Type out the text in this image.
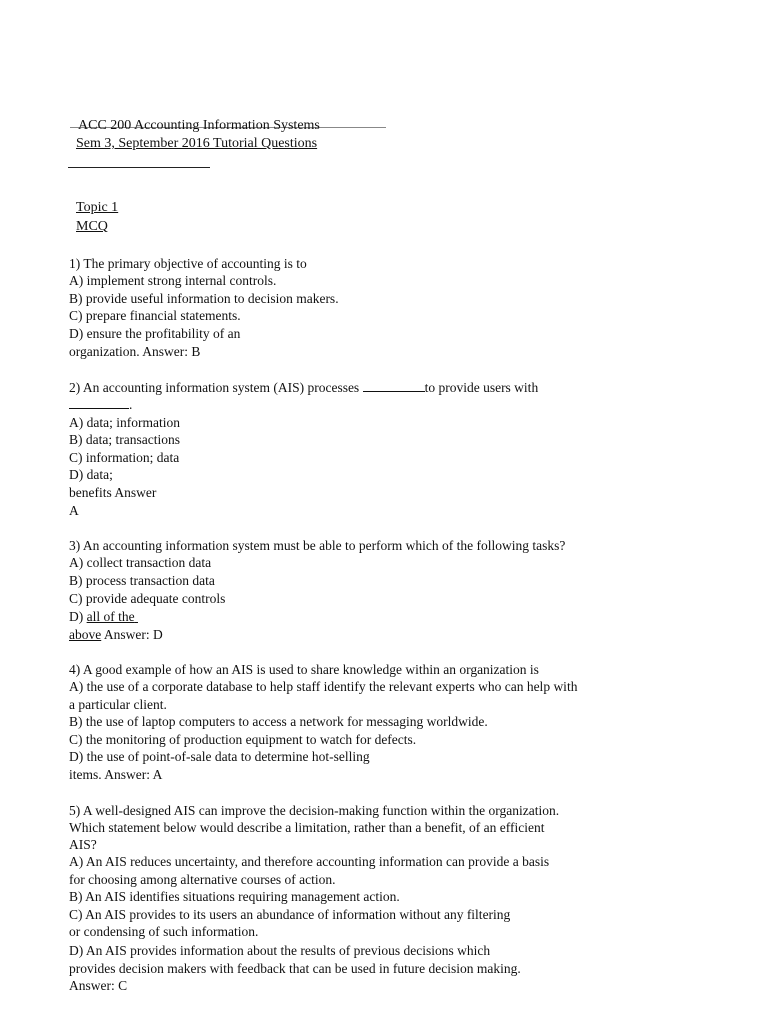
ACC 200 Accounting Information Systems
Sem 3, September 2016 Tutorial Questions
Topic 1
MCQ
1) The primary objective of accounting is to
A) implement strong internal controls.
B) provide useful information to decision makers.
C) prepare financial statements.
D) ensure the profitability of an
organization. Answer: B
2) An accounting information system (AIS) processes	to provide users with
.
A) data; information
B) data; transactions
C) information; data
D) data;
benefits Answer
A
3) An accounting information system must be able to perform which of the following tasks?
A) collect transaction data
B) process transaction data
C) provide adequate controls
D) all of the
above Answer: D
4) A good example of how an AIS is used to share knowledge within an organization is
A) the use of a corporate database to help staff identify the relevant experts who can help with
a particular client.
B) the use of laptop computers to access a network for messaging worldwide.
C) the monitoring of production equipment to watch for defects.
D) the use of point-of-sale data to determine hot-selling
items. Answer: A
5) A well-designed AIS can improve the decision-making function within the organization.
Which statement below would describe a limitation, rather than a benefit, of an efficient
AIS?
A) An AIS reduces uncertainty, and therefore accounting information can provide a basis
for choosing among alternative courses of action.
B) An AIS identifies situations requiring management action.
C) An AIS provides to its users an abundance of information without any filtering
or condensing of such information.
D) An AIS provides information about the results of previous decisions which
provides decision makers with feedback that can be used in future decision making.
Answer: C
